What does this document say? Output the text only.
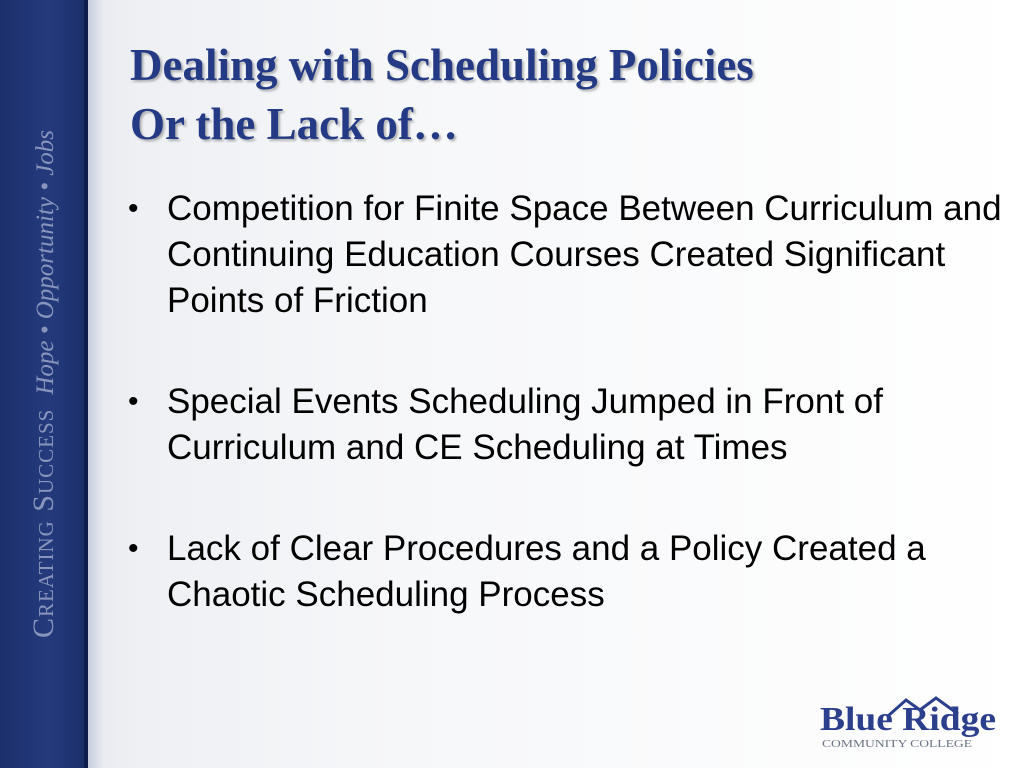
Creating SuccessHope • Opportunity • Jobs
Dealing with Scheduling Policies
Or the Lack of…
• Competition for Finite Space Between Curriculum and Continuing Education Courses Created Significant Points of Friction
• Special Events Scheduling Jumped in Front of Curriculum and CE Scheduling at Times
• Lack of Clear Procedures and a Policy Created a Chaotic Scheduling Process
Blue Ridge
COMMUNITY COLLEGE
